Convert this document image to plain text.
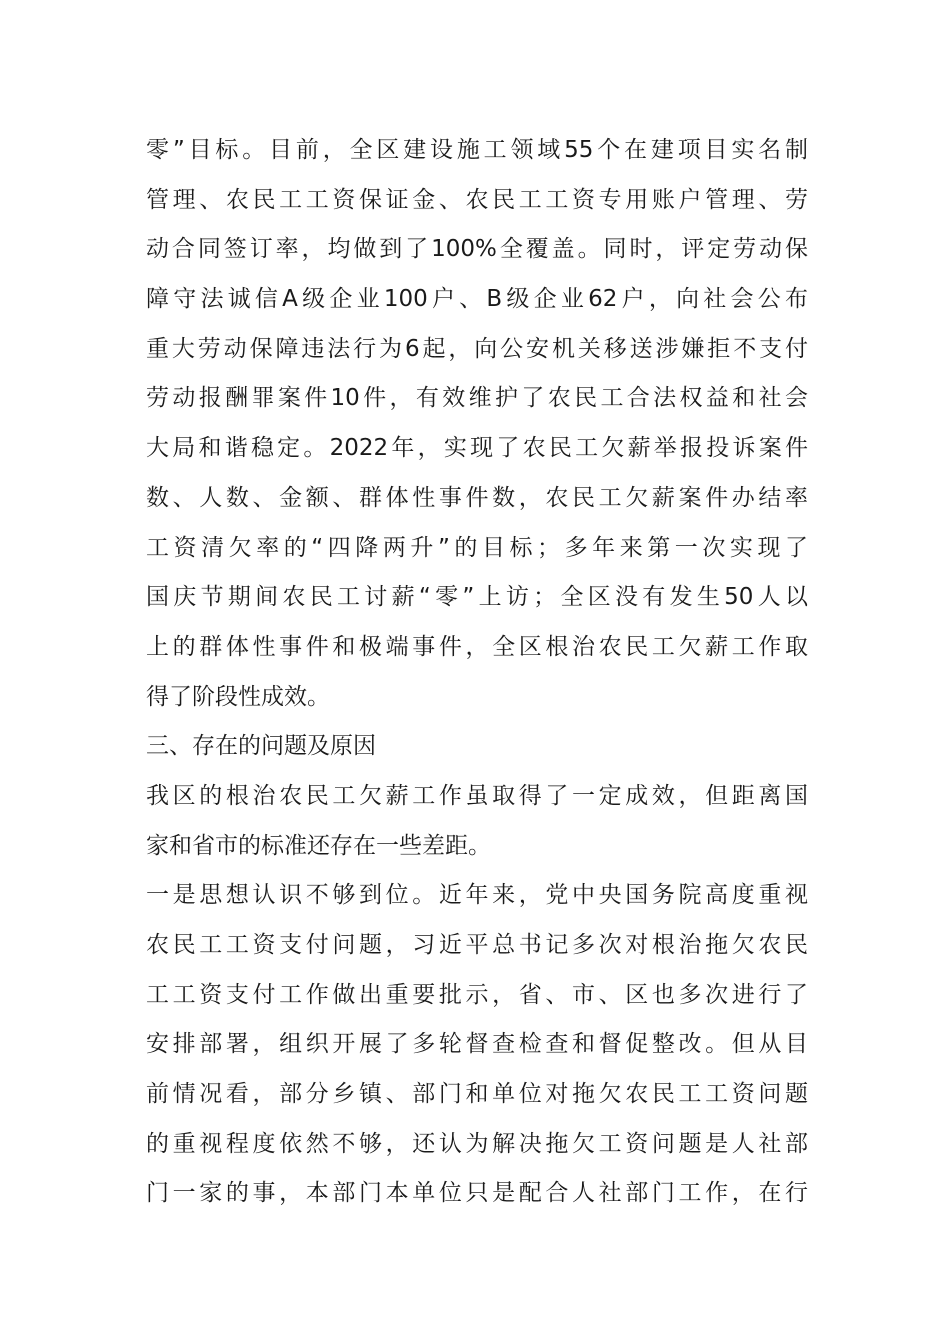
零”目标。目前，全区建设施工领域55个在建项目实名制
管理、农民工工资保证金、农民工工资专用账户管理、劳
动合同签订率，均做到了100%全覆盖。同时，评定劳动保
障守法诚信A级企业100户、B级企业62户，向社会公布
重大劳动保障违法行为6起，向公安机关移送涉嫌拒不支付
劳动报酬罪案件10件，有效维护了农民工合法权益和社会
大局和谐稳定。2022年，实现了农民工欠薪举报投诉案件
数、人数、金额、群体性事件数，农民工欠薪案件办结率
工资清欠率的“四降两升”的目标；多年来第一次实现了
国庆节期间农民工讨薪“零”上访；全区没有发生50人以
上的群体性事件和极端事件，全区根治农民工欠薪工作取
得了阶段性成效。
三、存在的问题及原因
我区的根治农民工欠薪工作虽取得了一定成效，但距离国
家和省市的标准还存在一些差距。
一是思想认识不够到位。近年来，党中央国务院高度重视
农民工工资支付问题，习近平总书记多次对根治拖欠农民
工工资支付工作做出重要批示，省、市、区也多次进行了
安排部署，组织开展了多轮督查检查和督促整改。但从目
前情况看，部分乡镇、部门和单位对拖欠农民工工资问题
的重视程度依然不够，还认为解决拖欠工资问题是人社部
门一家的事，本部门本单位只是配合人社部门工作，在行
